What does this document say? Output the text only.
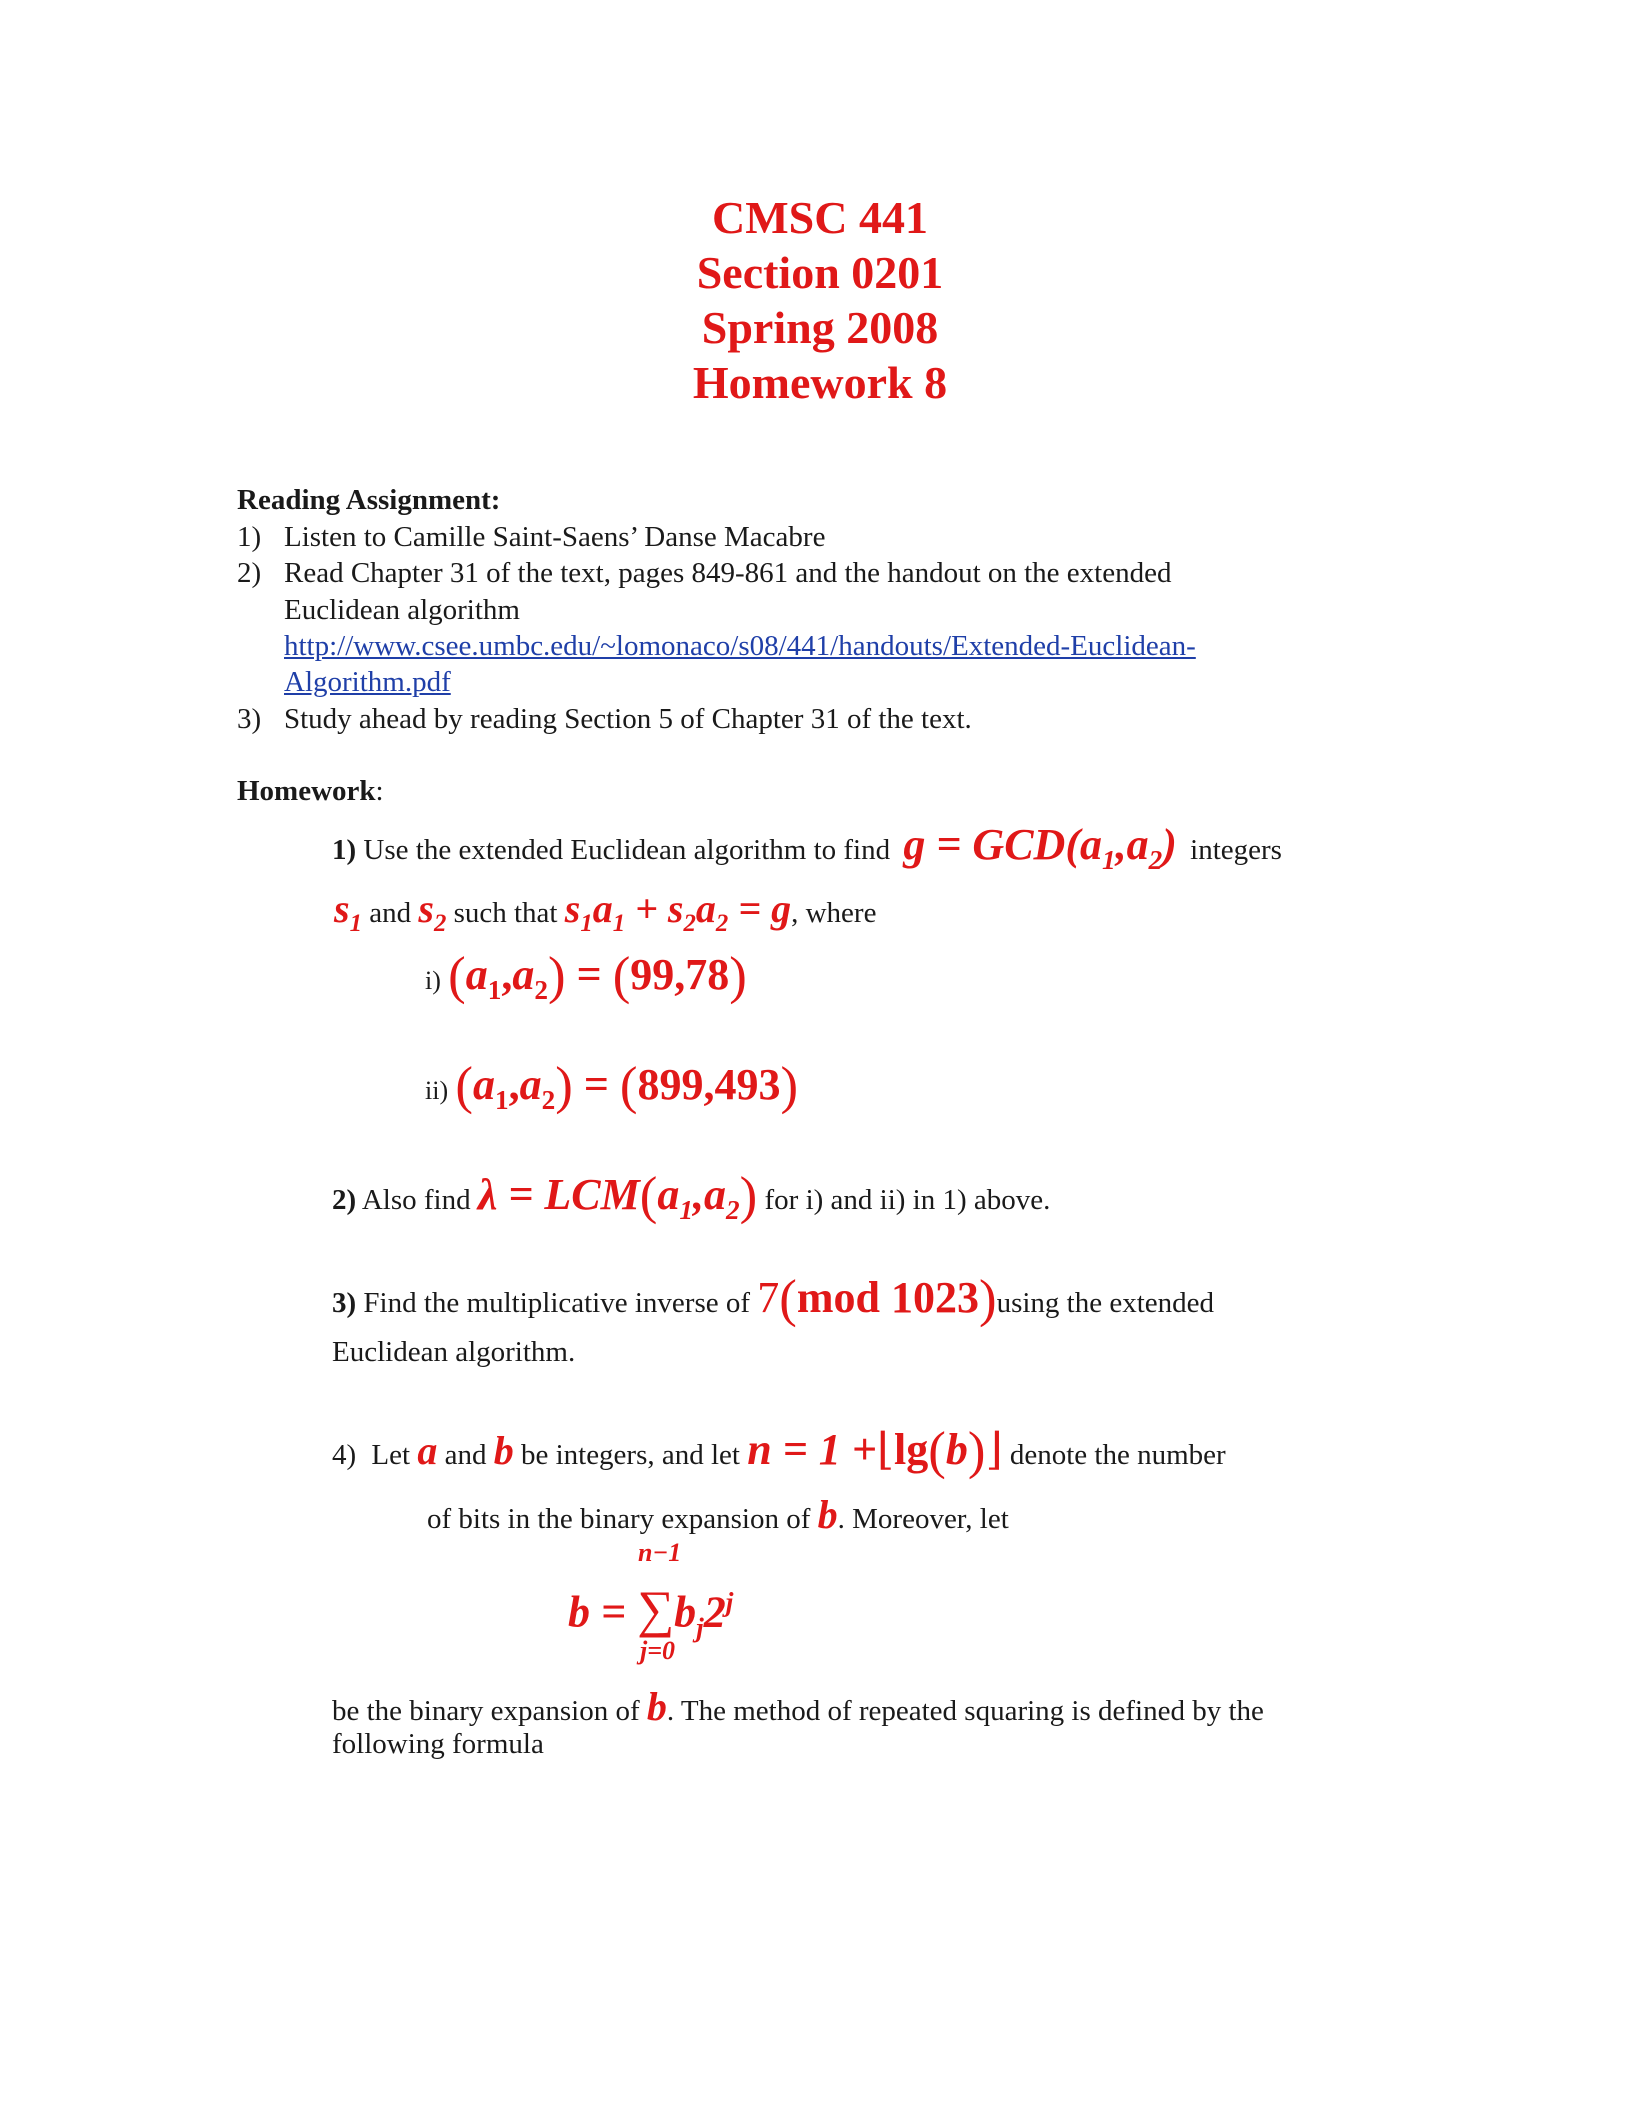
CMSC 441
Section 0201
Spring 2008
Homework 8
Reading Assignment:
1) Listen to Camille Saint-Saens’ Danse Macabre
2) Read Chapter 31 of the text, pages 849-861 and the handout on the extended
Euclidean algorithm
http://www.csee.umbc.edu/~lomonaco/s08/441/handouts/Extended-Euclidean-
Algorithm.pdf
3) Study ahead by reading Section 5 of Chapter 31 of the text.
Homework:
1) Use the extended Euclidean algorithm to find $g = GCD(a_1,a_2)$ integers
$s_1$ and $s_2$ such that $s_1a_1 + s_2a_2 = g$, where
i) $(a_1,a_2) = (99,78)$
ii) $(a_1,a_2) = (899,493)$
2) Also find $\lambda = LCM(a_1,a_2)$ for i) and ii) in 1) above.
3) Find the multiplicative inverse of 7(mod 1023)using the extended
Euclidean algorithm.
4) Let a and b be integers, and let n = 1 +⌊lg(b)⌋ denote the number
of bits in the binary expansion of b. Moreover, let
n−1
$b = \sum b_j2^j$
j=0
be the binary expansion of b. The method of repeated squaring is defined by the
following formula
